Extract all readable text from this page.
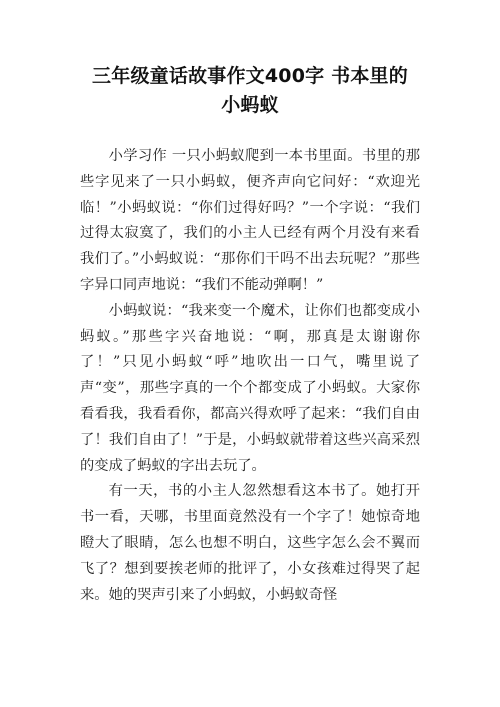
三年级童话故事作文400字 书本里的
小蚂蚁

小学习作 一只小蚂蚁爬到一本书里面。书里的那些字见来了一只小蚂蚁，便齐声向它问好：“欢迎光临！”小蚂蚁说：“你们过得好吗？”一个字说：“我们过得太寂寞了，我们的小主人已经有两个月没有来看我们了。”小蚂蚁说：“那你们干吗不出去玩呢？”那些字异口同声地说：“我们不能动弹啊！”

小蚂蚁说：“我来变一个魔术，让你们也都变成小蚂蚁。”那些字兴奋地说：“啊，那真是太谢谢你了！”只见小蚂蚁“呼”地吹出一口气，嘴里说了声“变”，那些字真的一个个都变成了小蚂蚁。大家你看看我，我看看你，都高兴得欢呼了起来：“我们自由了！我们自由了！”于是，小蚂蚁就带着这些兴高采烈的变成了蚂蚁的字出去玩了。

有一天，书的小主人忽然想看这本书了。她打开书一看，天哪，书里面竟然没有一个字了！她惊奇地瞪大了眼睛，怎么也想不明白，这些字怎么会不翼而飞了？想到要挨老师的批评了，小女孩难过得哭了起来。她的哭声引来了小蚂蚁，小蚂蚁奇怪
